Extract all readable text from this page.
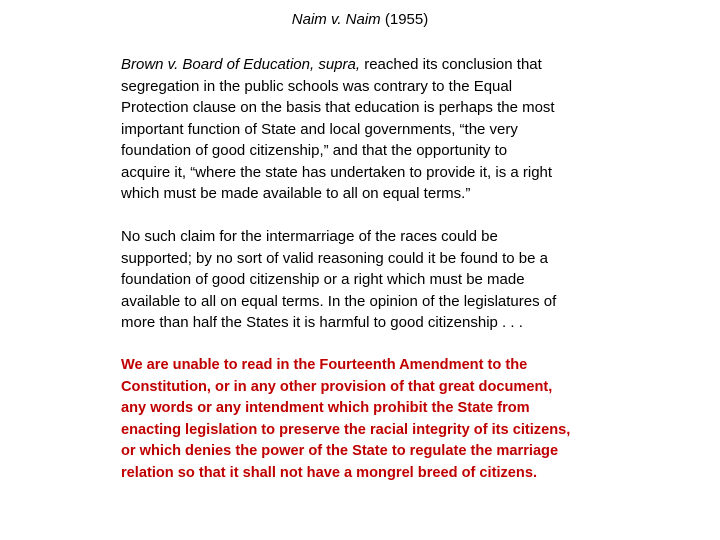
Naim v. Naim (1955)
Brown v. Board of Education, supra, reached its conclusion that
segregation in the public schools was contrary to the Equal
Protection clause on the basis that education is perhaps the most
important function of State and local governments, “the very
foundation of good citizenship,” and that the opportunity to
acquire it, “where the state has undertaken to provide it, is a right
which must be made available to all on equal terms.”
No such claim for the intermarriage of the races could be
supported; by no sort of valid reasoning could it be found to be a
foundation of good citizenship or a right which must be made
available to all on equal terms. In the opinion of the legislatures of
more than half the States it is harmful to good citizenship . . .
We are unable to read in the Fourteenth Amendment to the
Constitution, or in any other provision of that great document,
any words or any intendment which prohibit the State from
enacting legislation to preserve the racial integrity of its citizens,
or which denies the power of the State to regulate the marriage
relation so that it shall not have a mongrel breed of citizens.
